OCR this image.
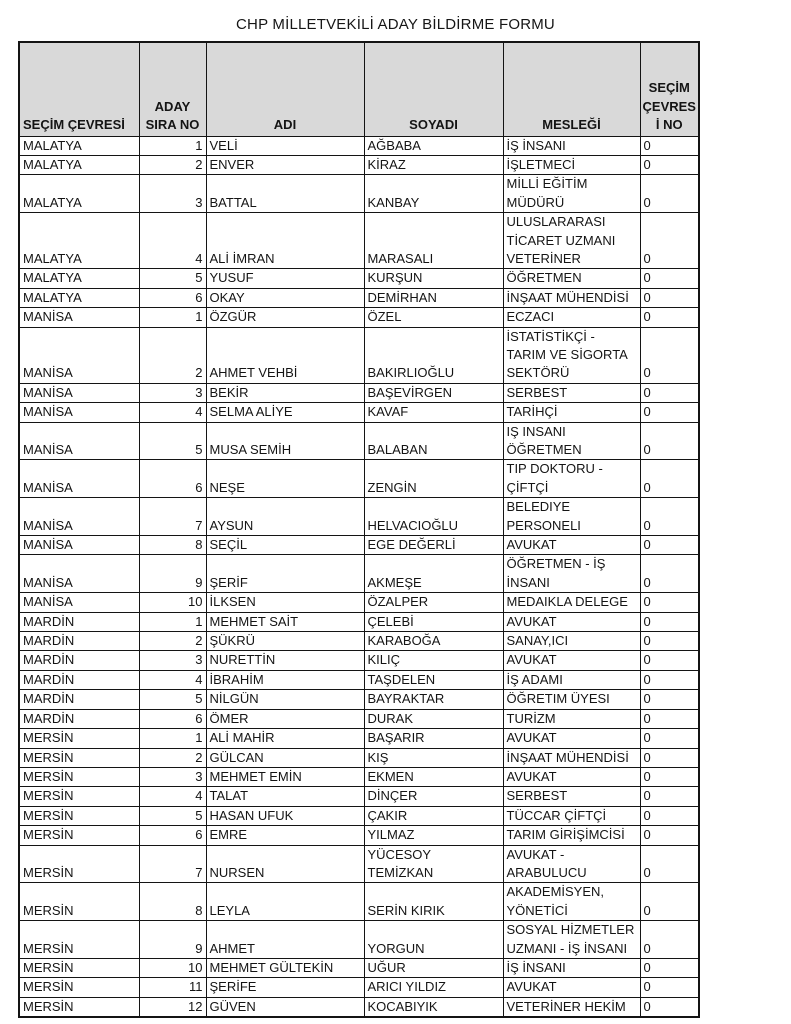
CHP MİLLETVEKİLİ ADAY BİLDİRME FORMU
SEÇİM ÇEVRESİ	ADAY SIRA NO	ADI	SOYADI	MESLEĞİ	SEÇİM ÇEVRESİ NO
MALATYA	1	VELİ	AĞBABA	İŞ İNSANI	0
MALATYA	2	ENVER	KİRAZ	İŞLETMECİ	0
MALATYA	3	BATTAL	KANBAY	MİLLİ EĞİTİM MÜDÜRÜ	0
MALATYA	4	ALİ İMRAN	MARASALI	ULUSLARARASI TİCARET UZMANI VETERİNER	0
MALATYA	5	YUSUF	KURŞUN	ÖĞRETMEN	0
MALATYA	6	OKAY	DEMİRHAN	İNŞAAT MÜHENDİSİ	0
MANİSA	1	ÖZGÜR	ÖZEL	ECZACI	0
MANİSA	2	AHMET VEHBİ	BAKIRLIOĞLU	İSTATİSTİKÇİ - TARIM VE SİGORTA SEKTÖRÜ	0
MANİSA	3	BEKİR	BAŞEVİRGEN	SERBEST	0
MANİSA	4	SELMA ALİYE	KAVAF	TARİHÇİ	0
MANİSA	5	MUSA SEMİH	BALABAN	IŞ INSANI  ÖĞRETMEN	0
MANİSA	6	NEŞE	ZENGİN	TIP DOKTORU - ÇİFTÇİ	0
MANİSA	7	AYSUN	HELVACIOĞLU	BELEDIYE PERSONELI	0
MANİSA	8	SEÇİL	EGE DEĞERLİ	AVUKAT	0
MANİSA	9	ŞERİF	AKMEŞE	ÖĞRETMEN - İŞ İNSANI	0
MANİSA	10	İLKSEN	ÖZALPER	MEDAIKLA DELEGE	0
MARDİN	1	MEHMET SAİT	ÇELEBİ	AVUKAT	0
MARDİN	2	ŞÜKRÜ	KARABOĞA	SANAY,ICI	0
MARDİN	3	NURETTİN	KILIÇ	AVUKAT	0
MARDİN	4	İBRAHİM	TAŞDELEN	İŞ ADAMI	0
MARDİN	5	NİLGÜN	BAYRAKTAR	ÖĞRETIM ÜYESI	0
MARDİN	6	ÖMER	DURAK	TURİZM	0
MERSİN	1	ALİ MAHİR	BAŞARIR	AVUKAT	0
MERSİN	2	GÜLCAN	KIŞ	İNŞAAT MÜHENDİSİ	0
MERSİN	3	MEHMET EMİN	EKMEN	AVUKAT	0
MERSİN	4	TALAT	DİNÇER	SERBEST	0
MERSİN	5	HASAN UFUK	ÇAKIR	TÜCCAR ÇİFTÇİ	0
MERSİN	6	EMRE	YILMAZ	TARIM GİRİŞİMCİSİ	0
MERSİN	7	NURSEN	YÜCESOY TEMİZKAN	AVUKAT - ARABULUCU	0
MERSİN	8	LEYLA	SERİN KIRIK	AKADEMİSYEN, YÖNETİCİ	0
MERSİN	9	AHMET	YORGUN	SOSYAL HİZMETLER UZMANI - İŞ İNSANI	0
MERSİN	10	MEHMET GÜLTEKİN	UĞUR	İŞ İNSANI	0
MERSİN	11	ŞERİFE	ARICI YILDIZ	AVUKAT	0
MERSİN	12	GÜVEN	KOCABIYIK	VETERİNER HEKİM	0
